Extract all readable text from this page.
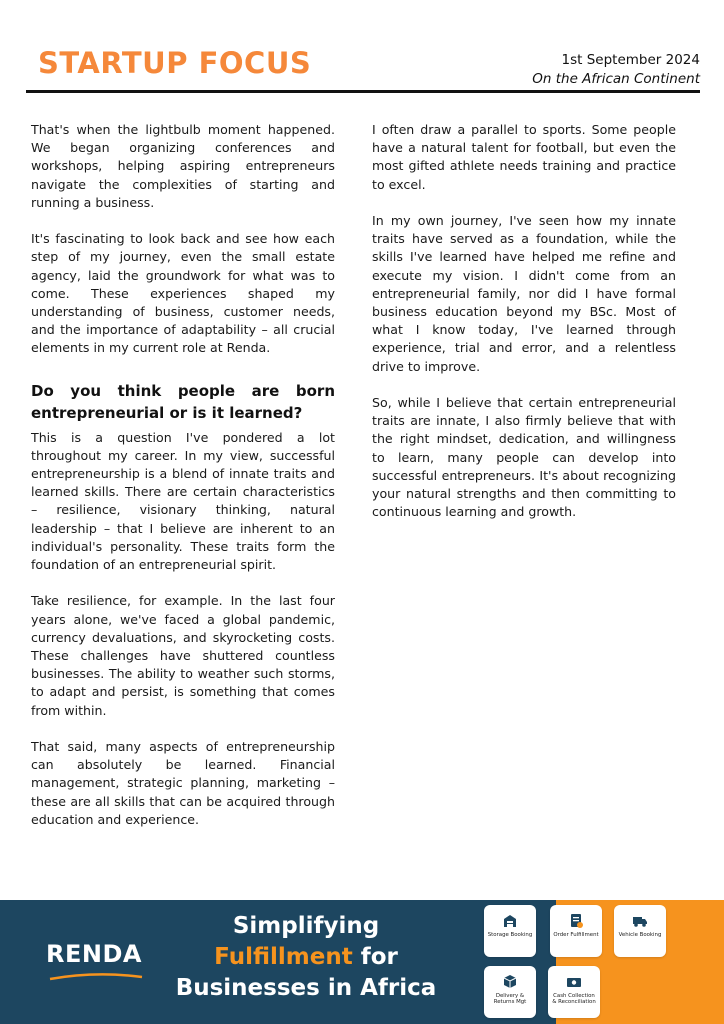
STARTUP FOCUS	1st September 2024
On the African Continent

That's when the lightbulb moment happened. We began organizing conferences and workshops, helping aspiring entrepreneurs navigate the complexities of starting and running a business.

It's fascinating to look back and see how each step of my journey, even the small estate agency, laid the groundwork for what was to come. These experiences shaped my understanding of business, customer needs, and the importance of adaptability – all crucial elements in my current role at Renda.

Do you think people are born entrepreneurial or is it learned?

This is a question I've pondered a lot throughout my career. In my view, successful entrepreneurship is a blend of innate traits and learned skills. There are certain characteristics – resilience, visionary thinking, natural leadership – that I believe are inherent to an individual's personality. These traits form the foundation of an entrepreneurial spirit.

Take resilience, for example. In the last four years alone, we've faced a global pandemic, currency devaluations, and skyrocketing costs. These challenges have shuttered countless businesses. The ability to weather such storms, to adapt and persist, is something that comes from within.

That said, many aspects of entrepreneurship can absolutely be learned. Financial management, strategic planning, marketing – these are all skills that can be acquired through education and experience.

I often draw a parallel to sports. Some people have a natural talent for football, but even the most gifted athlete needs training and practice to excel.

In my own journey, I've seen how my innate traits have served as a foundation, while the skills I've learned have helped me refine and execute my vision. I didn't come from an entrepreneurial family, nor did I have formal business education beyond my BSc. Most of what I know today, I've learned through experience, trial and error, and a relentless drive to improve.

So, while I believe that certain entrepreneurial traits are innate, I also firmly believe that with the right mindset, dedication, and willingness to learn, many people can develop into successful entrepreneurs. It's about recognizing your natural strengths and then committing to continuous learning and growth.

RENDA
Simplifying
Fulfillment for
Businesses in Africa
Storage Booking	Order Fulfillment	Vehicle Booking
Delivery & Returns Mgt
Cash Collection & Reconciliation
